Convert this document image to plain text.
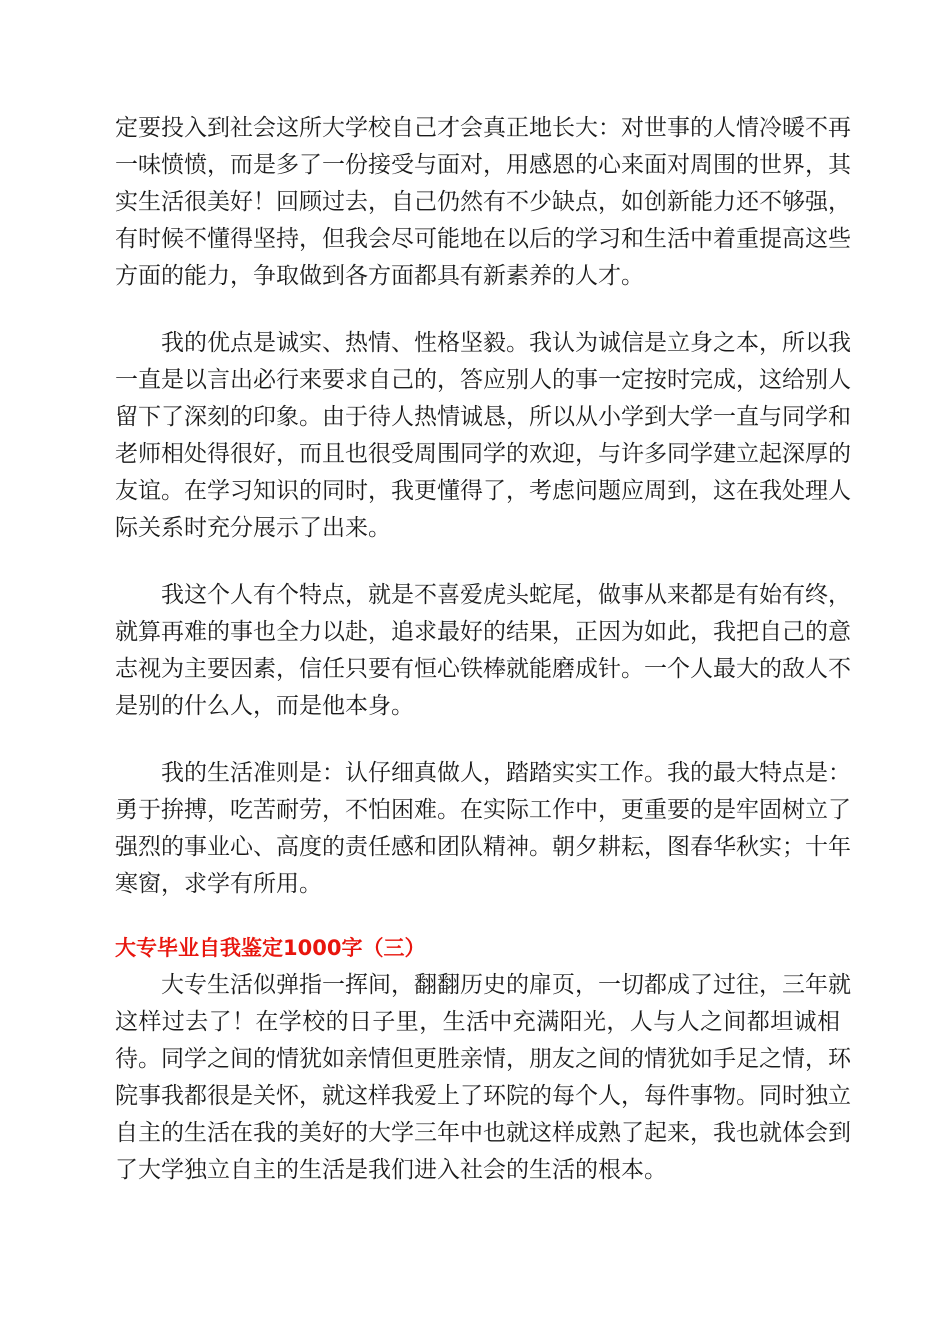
定要投入到社会这所大学校自己才会真正地长大：对世事的人情冷暖不再
一味愤愤，而是多了一份接受与面对，用感恩的心来面对周围的世界，其
实生活很美好！回顾过去，自己仍然有不少缺点，如创新能力还不够强，
有时候不懂得坚持，但我会尽可能地在以后的学习和生活中着重提高这些
方面的能力，争取做到各方面都具有新素养的人才。
我的优点是诚实、热情、性格坚毅。我认为诚信是立身之本，所以我
一直是以言出必行来要求自己的，答应别人的事一定按时完成，这给别人
留下了深刻的印象。由于待人热情诚恳，所以从小学到大学一直与同学和
老师相处得很好，而且也很受周围同学的欢迎，与许多同学建立起深厚的
友谊。在学习知识的同时，我更懂得了，考虑问题应周到，这在我处理人
际关系时充分展示了出来。
我这个人有个特点，就是不喜爱虎头蛇尾，做事从来都是有始有终，
就算再难的事也全力以赴，追求最好的结果，正因为如此，我把自己的意
志视为主要因素，信任只要有恒心铁棒就能磨成针。一个人最大的敌人不
是别的什么人，而是他本身。
我的生活准则是：认仔细真做人，踏踏实实工作。我的最大特点是：
勇于拚搏，吃苦耐劳，不怕困难。在实际工作中，更重要的是牢固树立了
强烈的事业心、高度的责任感和团队精神。朝夕耕耘，图春华秋实；十年
寒窗，求学有所用。
大专毕业自我鉴定1000字（三）
大专生活似弹指一挥间，翻翻历史的扉页，一切都成了过往，三年就
这样过去了！在学校的日子里，生活中充满阳光，人与人之间都坦诚相
待。同学之间的情犹如亲情但更胜亲情，朋友之间的情犹如手足之情，环
院事我都很是关怀，就这样我爱上了环院的每个人，每件事物。同时独立
自主的生活在我的美好的大学三年中也就这样成熟了起来，我也就体会到
了大学独立自主的生活是我们进入社会的生活的根本。
